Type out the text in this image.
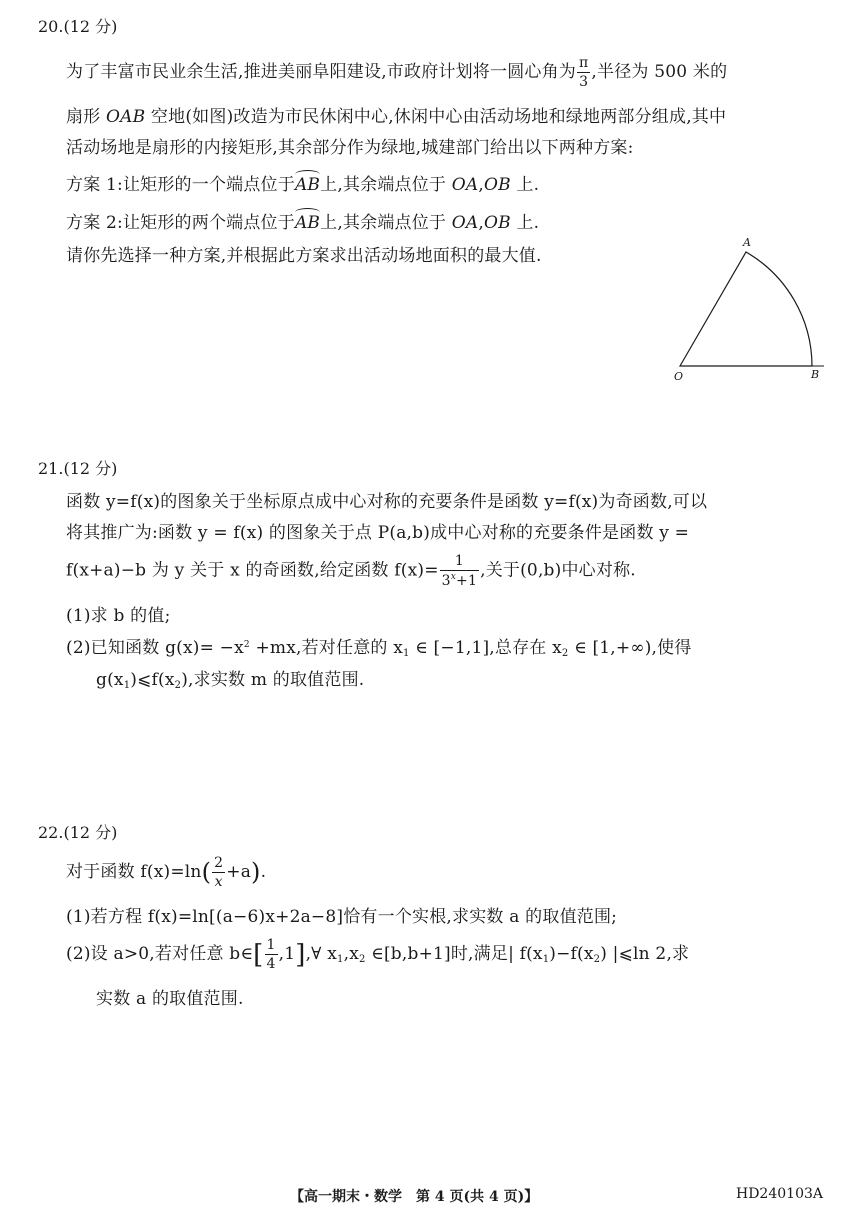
20.(12 分)
为了丰富市民业余生活,推进美丽阜阳建设,市政府计划将一圆心角为 $\frac{\pi}{3}$ ,半径为 500 米的
扇形 OAB 空地(如图)改造为市民休闲中心,休闲中心由活动场地和绿地两部分组成,其中
活动场地是扇形的内接矩形,其余部分作为绿地,城建部门给出以下两种方案:
方案 1:让矩形的一个端点位于
AB上,其余端点位于 OA,OB 上.
方案 2:让矩形的两个端点位于
AB上,其余端点位于 OA,OB 上.
请你先选择一种方案,并根据此方案求出活动场地面积的最大值.
A
O	B
21.(12 分)
函数 y=f(x)的图象关于坐标原点成中心对称的充要条件是函数 y=f(x)为奇函数,可以
将其推广为:函数 y = f(x) 的图象关于点 P(a,b)成中心对称的充要条件是函数 y =
f(x+a)−b 为 y 关于 x 的奇函数,给定函数 $f(x)= \frac{1}{3^x+1}$ ,关于(0,b)中心对称.
(1)求 b 的值;
(2)已知函数 $g(x)= -x^2 +mx$,若对任意的 $x_1$ ∈ [−1,1],总存在 $x_2$ ∈ [1,+∞),使得
$g(x_1)⩽f(x_2)$,求实数 m 的取值范围.
22.(12 分)
对于函数 $f(x)=\ln( \frac{2}{x} +a)$.
(1)若方程 f(x)=ln[(a−6)x+2a−8]恰有一个实根,求实数 a 的取值范围;
(2)设 a>0,若对任意 b∈[ $\frac{1}{4}$ ,1],∀ $x_1,x_2$ ∈[b,b+1]时,满足| $f(x_1)-f(x_2)$ |⩽ln 2,求
实数 a 的取值范围.
【高一期末・数学　第 4 页(共 4 页)】	HD240103A
